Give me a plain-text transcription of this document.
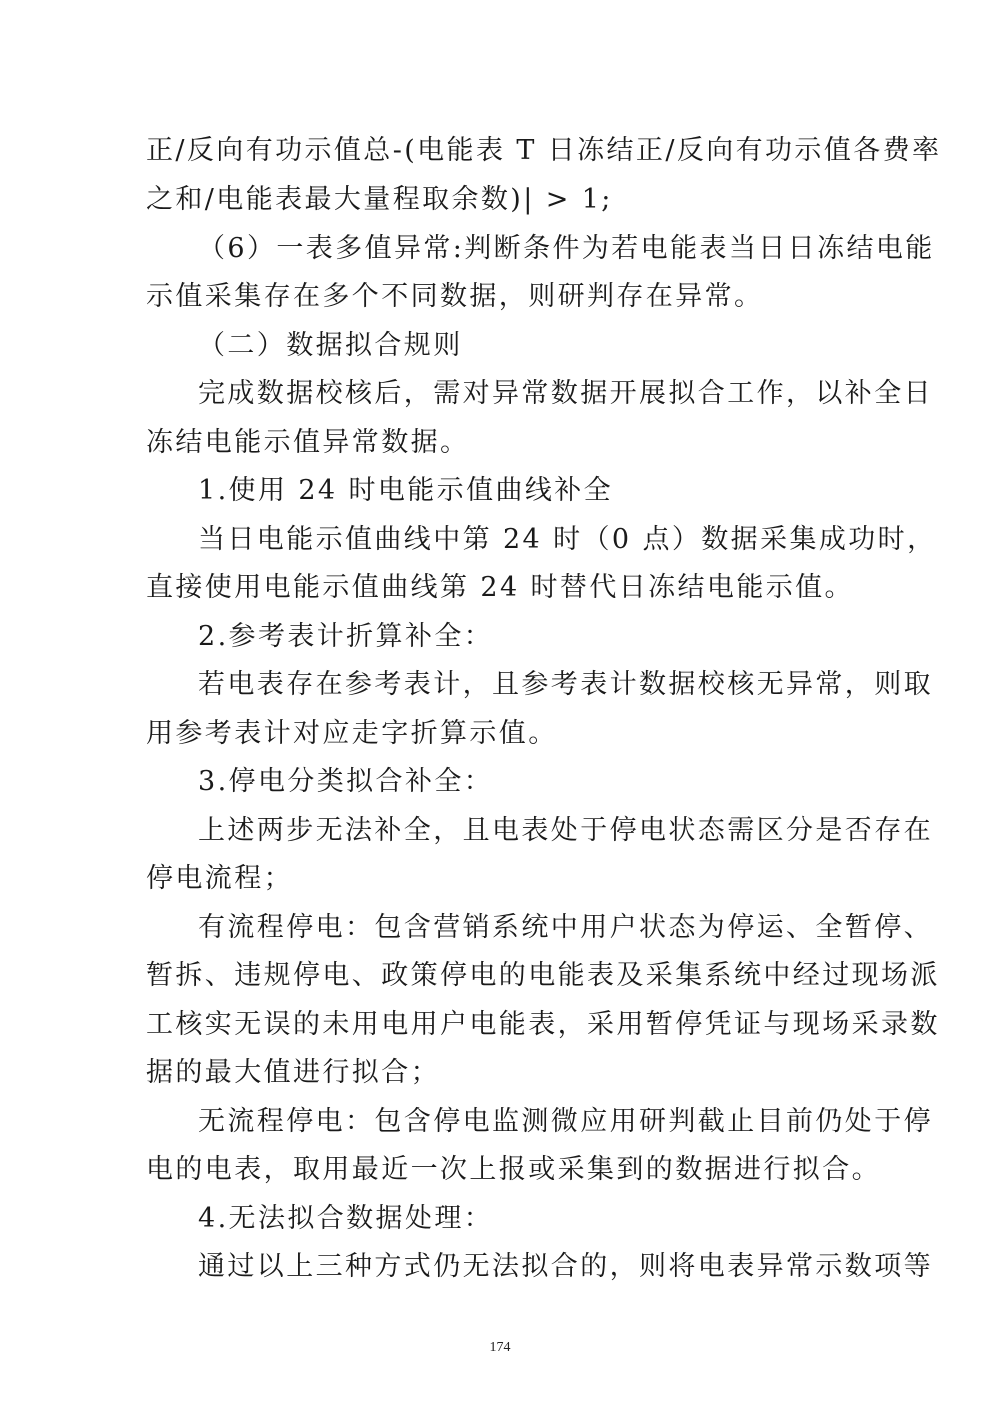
正/反向有功示值总-(电能表 T 日冻结正/反向有功示值各费率
之和/电能表最大量程取余数)| > 1;
（6）一表多值异常:判断条件为若电能表当日日冻结电能
示值采集存在多个不同数据，则研判存在异常。
（二）数据拟合规则
完成数据校核后，需对异常数据开展拟合工作，以补全日
冻结电能示值异常数据。
1.使用 24 时电能示值曲线补全
当日电能示值曲线中第 24 时（0 点）数据采集成功时，
直接使用电能示值曲线第 24 时替代日冻结电能示值。
2.参考表计折算补全：
若电表存在参考表计，且参考表计数据校核无异常，则取
用参考表计对应走字折算示值。
3.停电分类拟合补全：
上述两步无法补全，且电表处于停电状态需区分是否存在
停电流程；
有流程停电：包含营销系统中用户状态为停运、全暂停、
暂拆、违规停电、政策停电的电能表及采集系统中经过现场派
工核实无误的未用电用户电能表，采用暂停凭证与现场采录数
据的最大值进行拟合；
无流程停电：包含停电监测微应用研判截止目前仍处于停
电的电表，取用最近一次上报或采集到的数据进行拟合。
4.无法拟合数据处理：
通过以上三种方式仍无法拟合的，则将电表异常示数项等
174
